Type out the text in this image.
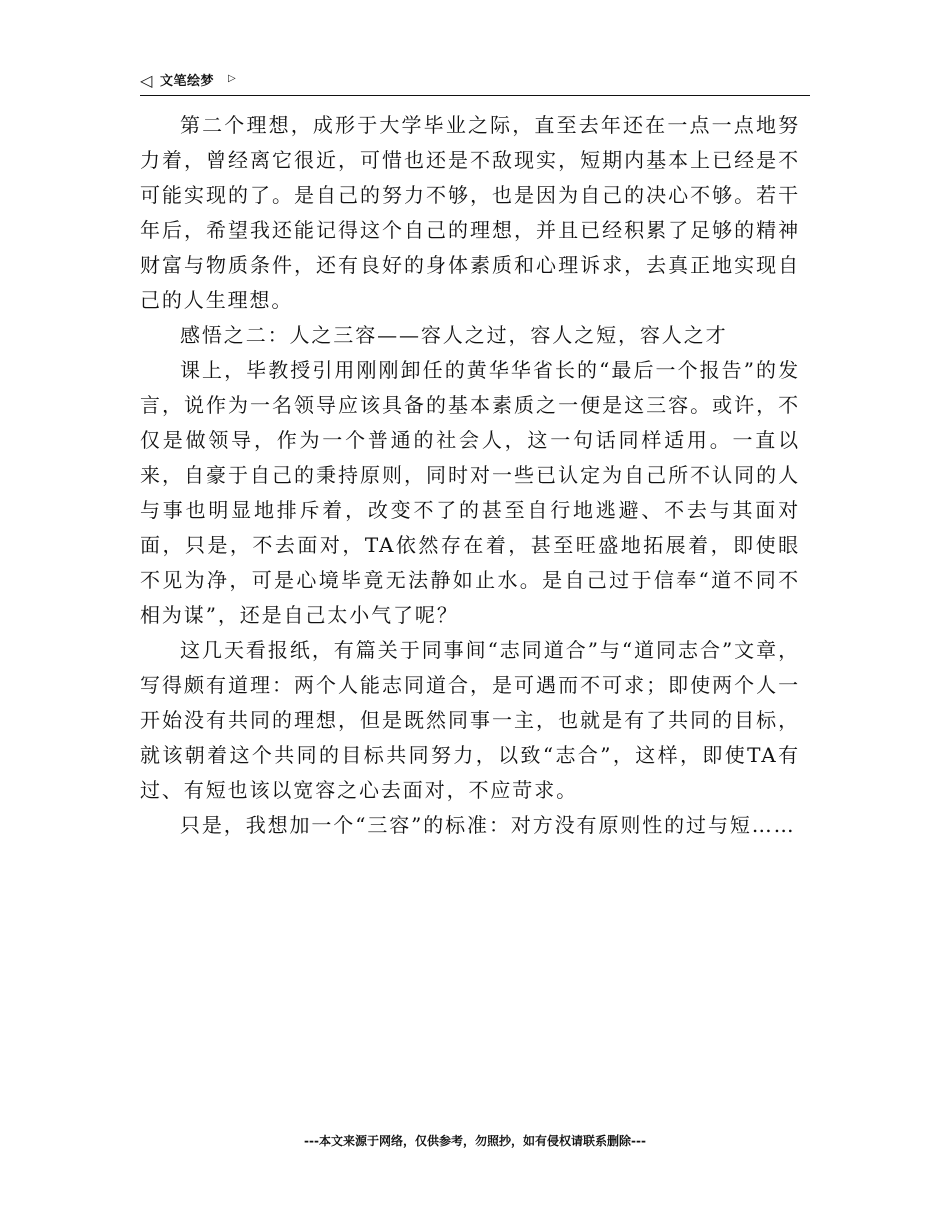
◁ 文笔绘梦 ▷

第二个理想，成形于大学毕业之际，直至去年还在一点一点地努力着，曾经离它很近，可惜也还是不敌现实，短期内基本上已经是不可能实现的了。是自己的努力不够，也是因为自己的决心不够。若干年后，希望我还能记得这个自己的理想，并且已经积累了足够的精神财富与物质条件，还有良好的身体素质和心理诉求，去真正地实现自己的人生理想。

感悟之二：人之三容——容人之过，容人之短，容人之才

课上，毕教授引用刚刚卸任的黄华华省长的“最后一个报告”的发言，说作为一名领导应该具备的基本素质之一便是这三容。或许，不仅是做领导，作为一个普通的社会人，这一句话同样适用。一直以来，自豪于自己的秉持原则，同时对一些已认定为自己所不认同的人与事也明显地排斥着，改变不了的甚至自行地逃避、不去与其面对面，只是，不去面对，TA依然存在着，甚至旺盛地拓展着，即使眼不见为净，可是心境毕竟无法静如止水。是自己过于信奉“道不同不相为谋”，还是自己太小气了呢？

这几天看报纸，有篇关于同事间“志同道合”与“道同志合”文章，写得颇有道理：两个人能志同道合，是可遇而不可求；即使两个人一开始没有共同的理想，但是既然同事一主，也就是有了共同的目标，就该朝着这个共同的目标共同努力，以致“志合”，这样，即使TA有过、有短也该以宽容之心去面对，不应苛求。

只是，我想加一个“三容”的标准：对方没有原则性的过与短……

---本文来源于网络，仅供参考，勿照抄，如有侵权请联系删除---
